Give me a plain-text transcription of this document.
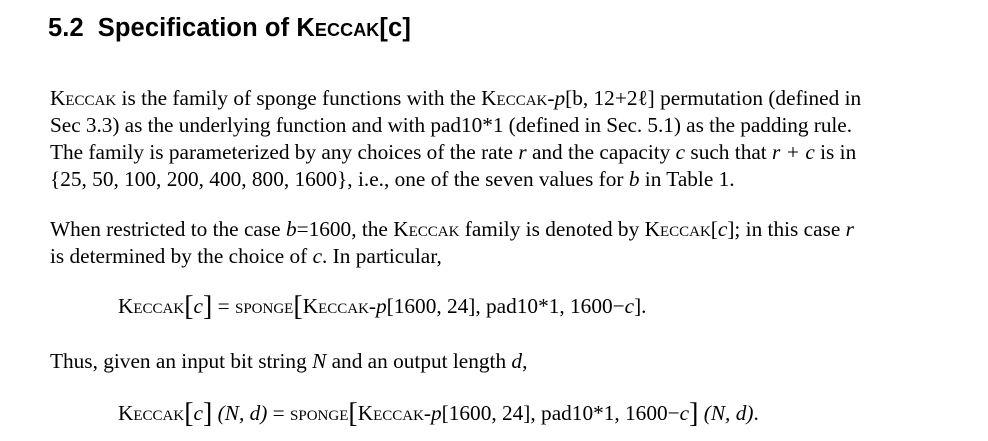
5.2 Specification of Keccak[c]
Keccak is the family of sponge functions with the Keccak-p[b, 12+2ℓ] permutation (defined in
Sec 3.3) as the underlying function and with pad10*1 (defined in Sec. 5.1) as the padding rule.
The family is parameterized by any choices of the rate r and the capacity c such that r + c is in
{25, 50, 100, 200, 400, 800, 1600}, i.e., one of the seven values for b in Table 1.
When restricted to the case b=1600, the Keccak family is denoted by Keccak[c]; in this case r
is determined by the choice of c. In particular,
Keccak[c] = sponge[Keccak-p[1600, 24], pad10*1, 1600−c].
Thus, given an input bit string N and an output length d,
Keccak[c] (N, d) = sponge[Keccak-p[1600, 24], pad10*1, 1600−c] (N, d).
